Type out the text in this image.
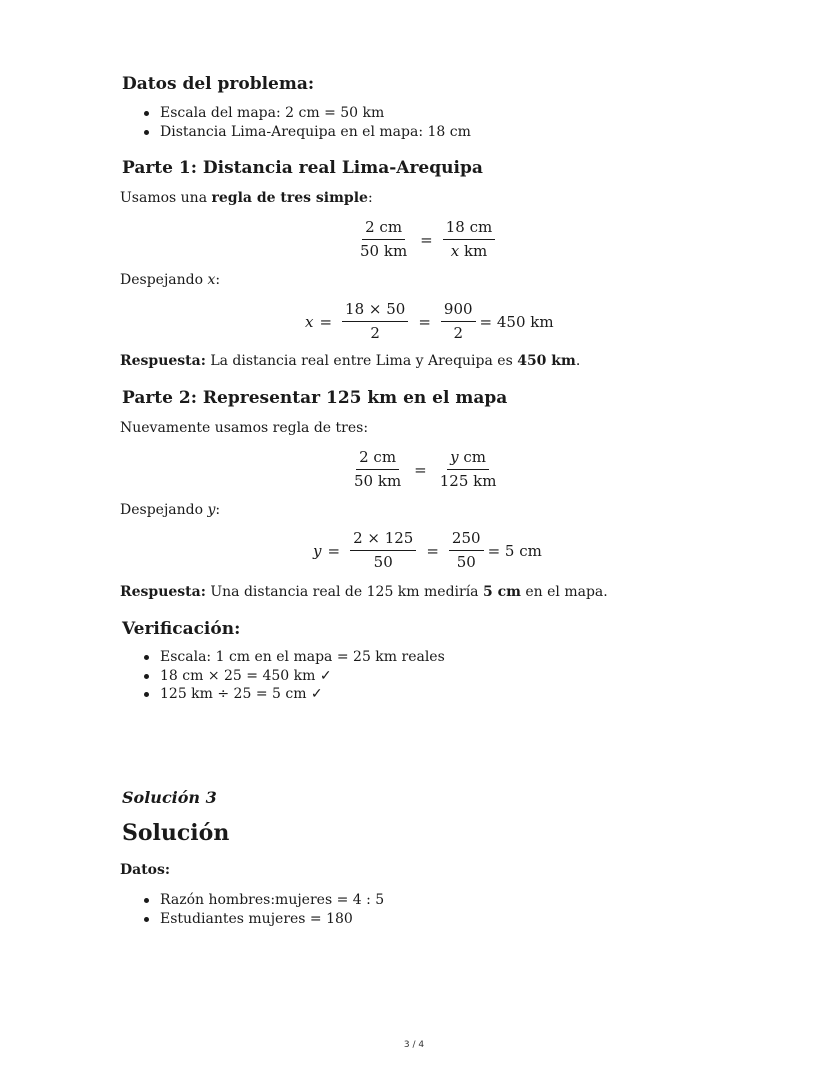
Datos del problema:
Escala del mapa: 2 cm = 50 km
Distancia Lima-Arequipa en el mapa: 18 cm
Parte 1: Distancia real Lima-Arequipa
Usamos una regla de tres simple:
$\frac{2 cm}{50 km} = \frac{18 cm}{\text{x km}}$
Despejando x:
$x = \frac{18 \times 50}{2} = \frac{900}{2} = 450$ km
Respuesta: La distancia real entre Lima y Arequipa es 450 km.
Parte 2: Representar 125 km en el mapa
Nuevamente usamos regla de tres:
$\frac{2 cm}{50 km} = \frac{\text{y cm}}{125 km}$
Despejando y:
$y = \frac{2 \times 125}{50} = \frac{250}{50} = 5$ cm
Respuesta: Una distancia real de 125 km mediría 5 cm en el mapa.
Verificación:
Escala: 1 cm en el mapa = 25 km reales
18 cm × 25 = 450 km ✓
125 km ÷ 25 = 5 cm ✓
Solución 3
Solución
Datos:
Razón hombres:mujeres = 4 : 5
Estudiantes mujeres = 180
3 / 4
